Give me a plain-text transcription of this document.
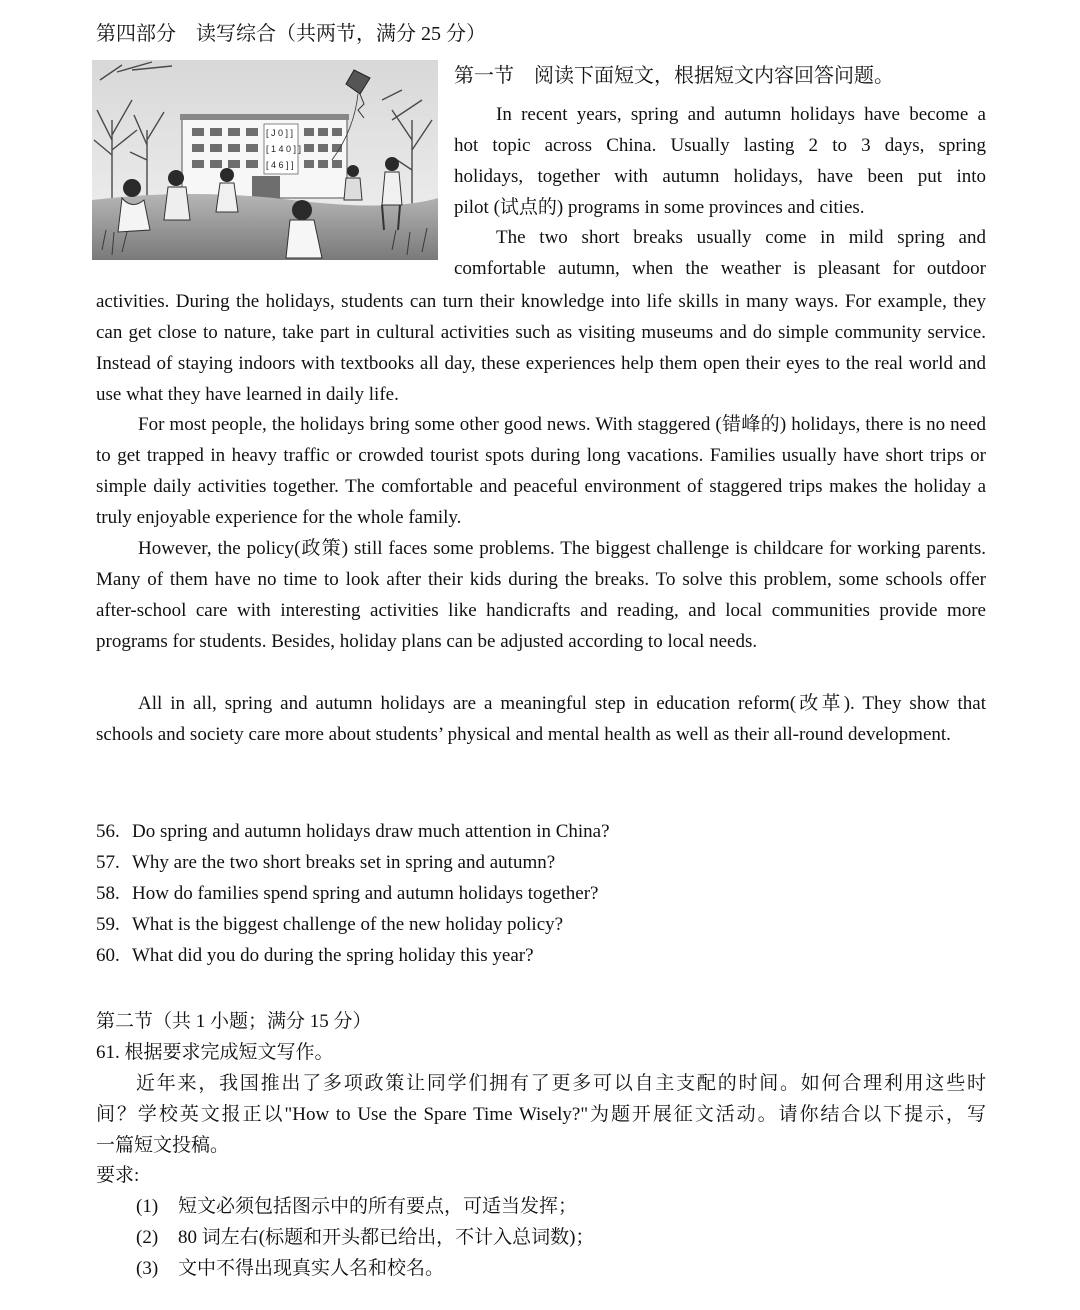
第四部分　读写综合（共两节，满分 25 分）
[ J 0 ] ]
[ 1 4 0 ] ]
[ 4 6 ] ]
第一节　阅读下面短文，根据短文内容回答问题。
In recent years, spring and autumn holidays have become a
hot topic across China. Usually lasting 2 to 3 days, spring
holidays, together with autumn holidays, have been put into
pilot (试点的) programs in some provinces and cities.
The two short breaks usually come in mild spring and
comfortable autumn, when the weather is pleasant for outdoor
activities. During the holidays, students can turn their knowledge into life skills in many ways. For example, they can get close to nature, take part in cultural activities such as visiting museums and do simple community service. Instead of staying indoors with textbooks all day, these experiences help them open their eyes to the real world and use what they have learned in daily life.
For most people, the holidays bring some other good news. With staggered (错峰的) holidays, there is no need to get trapped in heavy traffic or crowded tourist spots during long vacations. Families usually have short trips or simple daily activities together. The comfortable and peaceful environment of staggered trips makes the holiday a truly enjoyable experience for the whole family.
However, the policy(政策) still faces some problems. The biggest challenge is childcare for working parents. Many of them have no time to look after their kids during the breaks. To solve this problem, some schools offer after-school care with interesting activities like handicrafts and reading, and local communities provide more programs for students. Besides, holiday plans can be adjusted according to local needs.
All in all, spring and autumn holidays are a meaningful step in education reform(改革). They show that schools and society care more about students’ physical and mental health as well as their all-round development.
56. Do spring and autumn holidays draw much attention in China?
57. Why are the two short breaks set in spring and autumn?
58. How do families spend spring and autumn holidays together?
59. What is the biggest challenge of the new holiday policy?
60. What did you do during the spring holiday this year?
第二节（共 1 小题；满分 15 分）
61. 根据要求完成短文写作。
近年来，我国推出了多项政策让同学们拥有了更多可以自主支配的时间。如何合理利用这些时
间？学校英文报正以"How to Use the Spare Time Wisely?"为题开展征文活动。请你结合以下提示，写
一篇短文投稿。
要求:
(1) 短文必须包括图示中的所有要点，可适当发挥；
(2) 80 词左右(标题和开头都已给出，不计入总词数)；
(3) 文中不得出现真实人名和校名。
